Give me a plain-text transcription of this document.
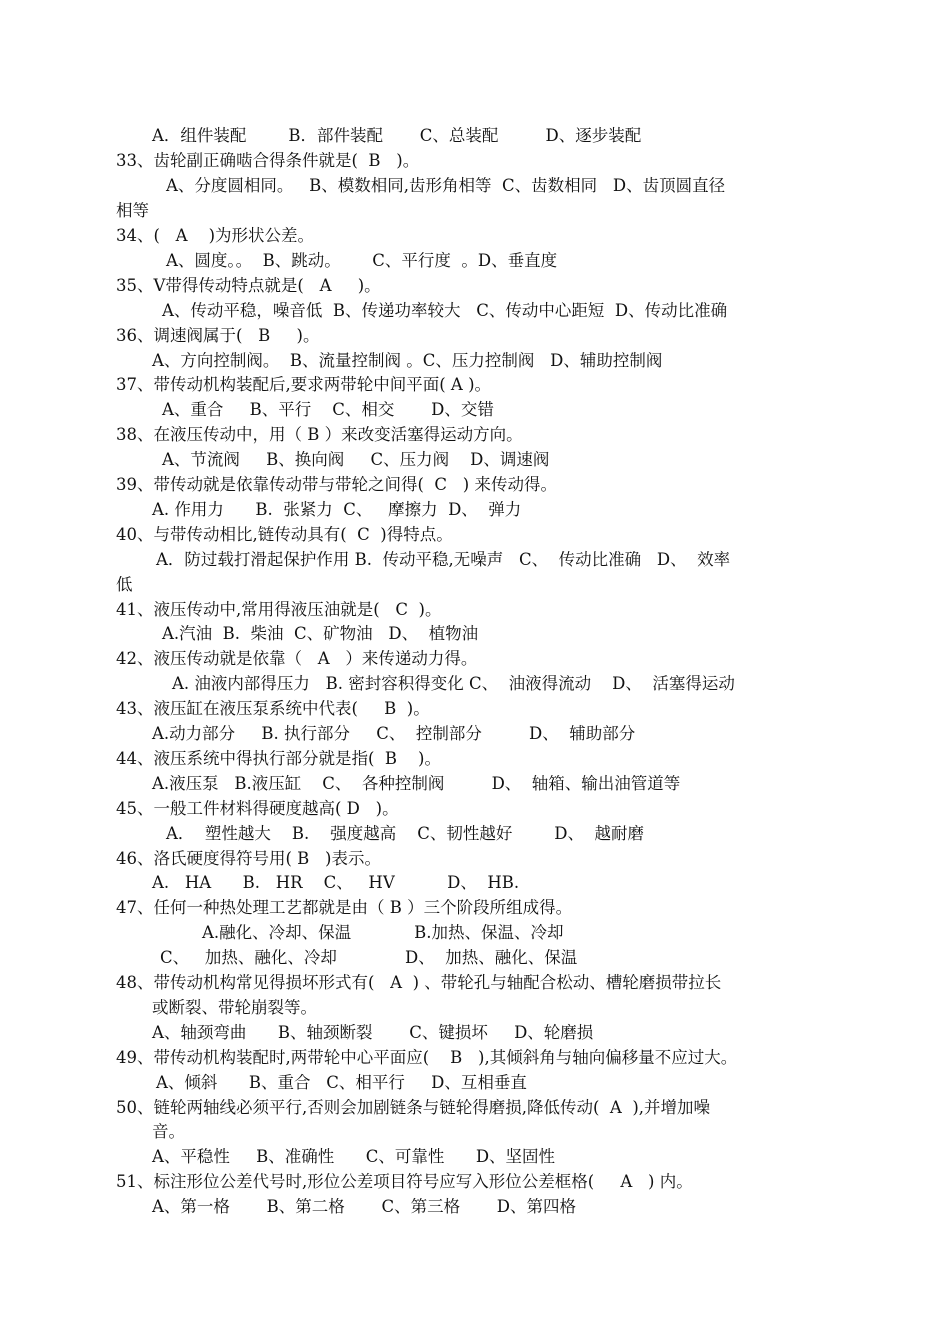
A．组件装配        B．部件装配       C、总装配         D、逐步装配
33、齿轮副正确啮合得条件就是(  B   )。
A、分度圆相同。   B、模数相同,齿形角相等  C、齿数相同   D、齿顶圆直径
相等
34、(   A    )为形状公差。
A、圆度。。  B、跳动。      C、平行度  。D、垂直度
35、V带得传动特点就是(   A     )。
A、传动平稳，噪音低  B、传递功率较大   C、传动中心距短  D、传动比准确
36、调速阀属于(   B     )。
A、方向控制阀。  B、流量控制阀 。C、压力控制阀   D、辅助控制阀
37、带传动机构装配后,要求两带轮中间平面( A )。
A、重合     B、平行    C、相交       D、交错
38、在液压传动中，用（ B ）来改变活塞得运动方向。
A、节流阀     B、换向阀     C、压力阀    D、调速阀
39、带传动就是依靠传动带与带轮之间得(  C   ) 来传动得。
A. 作用力      B.  张紧力  C、   摩擦力  D、  弹力
40、与带传动相比,链传动具有(  C  )得特点。
A．防过载打滑起保护作用 B.  传动平稳,无噪声   C、  传动比准确   D、  效率
低
41、液压传动中,常用得液压油就是(   C  )。
A.汽油  B.  柴油  C、矿物油   D、  植物油
42、液压传动就是依靠（   A   ）来传递动力得。
A. 油液内部得压力   B. 密封容积得变化 C、  油液得流动    D、  活塞得运动
43、液压缸在液压泵系统中代表(     B  )。
A.动力部分     B. 执行部分     C、  控制部分         D、  辅助部分
44、液压系统中得执行部分就是指(  B    )。
A.液压泵   B.液压缸    C、  各种控制阀         D、  轴箱、输出油管道等
45、一般工件材料得硬度越高( D   )。
A．  塑性越大    B.    强度越高    C、韧性越好        D、  越耐磨
46、洛氏硬度得符号用( B   )表示。
A.   HA      B.   HR    C、   HV          D、  HB.
47、任何一种热处理工艺都就是由（ B ）三个阶段所组成得。
A.融化、冷却、保温            B.加热、保温、冷却
C、   加热、融化、冷却             D、  加热、融化、保温
48、带传动机构常见得损坏形式有(   A  ) 、带轮孔与轴配合松动、槽轮磨损带拉长
或断裂、带轮崩裂等。
A、轴颈弯曲      B、轴颈断裂       C、键损坏     D、轮磨损
49、带传动机构装配时,两带轮中心平面应(    B   ),其倾斜角与轴向偏移量不应过大。
A、倾斜      B、重合   C、相平行     D、互相垂直
50、链轮两轴线必须平行,否则会加剧链条与链轮得磨损,降低传动(  A  ),并增加噪
音。
A、平稳性     B、准确性      C、可靠性      D、坚固性
51、标注形位公差代号时,形位公差项目符号应写入形位公差框格(     A   ) 内。
A、第一格       B、第二格       C、第三格       D、第四格
